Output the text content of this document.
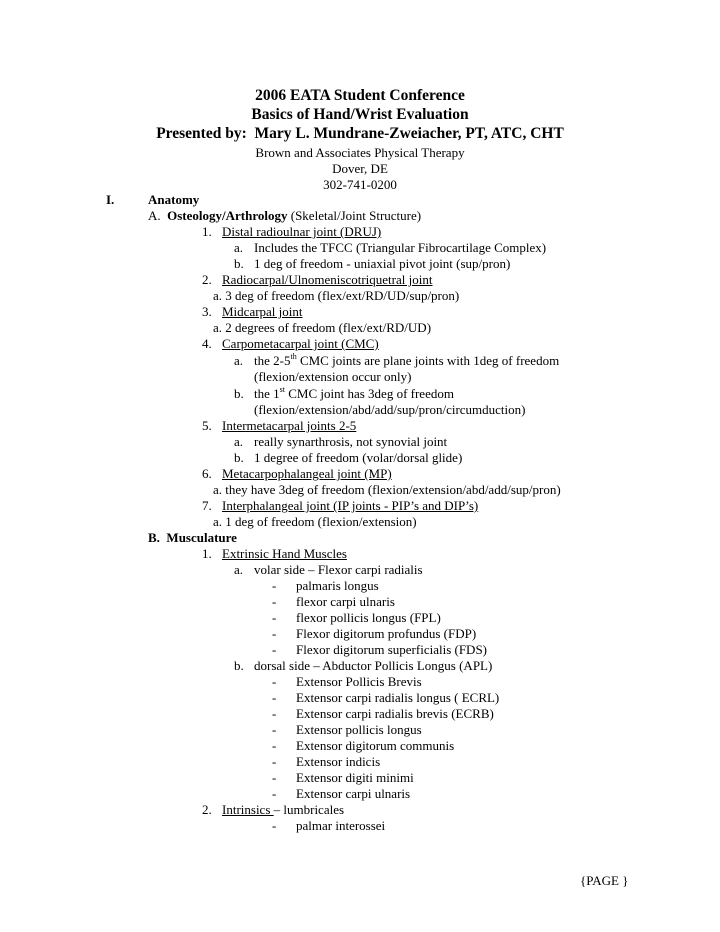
2006 EATA Student Conference
Basics of Hand/Wrist Evaluation
Presented by: Mary L. Mundrane-Zweiacher, PT, ATC, CHT
Brown and Associates Physical Therapy
Dover, DE
302-741-0200
I.	Anatomy
A. Osteology/Arthrology (Skeletal/Joint Structure)
1. Distal radioulnar joint (DRUJ)
a. Includes the TFCC (Triangular Fibrocartilage Complex)
b. 1 deg of freedom - uniaxial pivot joint (sup/pron)
2. Radiocarpal/Ulnomeniscotriquetral joint
a. 3 deg of freedom (flex/ext/RD/UD/sup/pron)
3. Midcarpal joint
a. 2 degrees of freedom (flex/ext/RD/UD)
4. Carpometacarpal joint (CMC)
a. the 2-5th CMC joints are plane joints with 1deg of freedom
(flexion/extension occur only)
b. the 1st CMC joint has 3deg of freedom
(flexion/extension/abd/add/sup/pron/circumduction)
5. Intermetacarpal joints 2-5
a. really synarthrosis, not synovial joint
b. 1 degree of freedom (volar/dorsal glide)
6. Metacarpophalangeal joint (MP)
a. they have 3deg of freedom (flexion/extension/abd/add/sup/pron)
7. Interphalangeal joint (IP joints - PIP’s and DIP’s)
a. 1 deg of freedom (flexion/extension)
B. Musculature
1. Extrinsic Hand Muscles
a. volar side – Flexor carpi radialis
- palmaris longus
- flexor carpi ulnaris
- flexor pollicis longus (FPL)
- Flexor digitorum profundus (FDP)
- Flexor digitorum superficialis (FDS)
b. dorsal side – Abductor Pollicis Longus (APL)
- Extensor Pollicis Brevis
- Extensor carpi radialis longus ( ECRL)
- Extensor carpi radialis brevis (ECRB)
- Extensor pollicis longus
- Extensor digitorum communis
- Extensor indicis
- Extensor digiti minimi
- Extensor carpi ulnaris
2. Intrinsics – lumbricales
- palmar interossei
{PAGE }
